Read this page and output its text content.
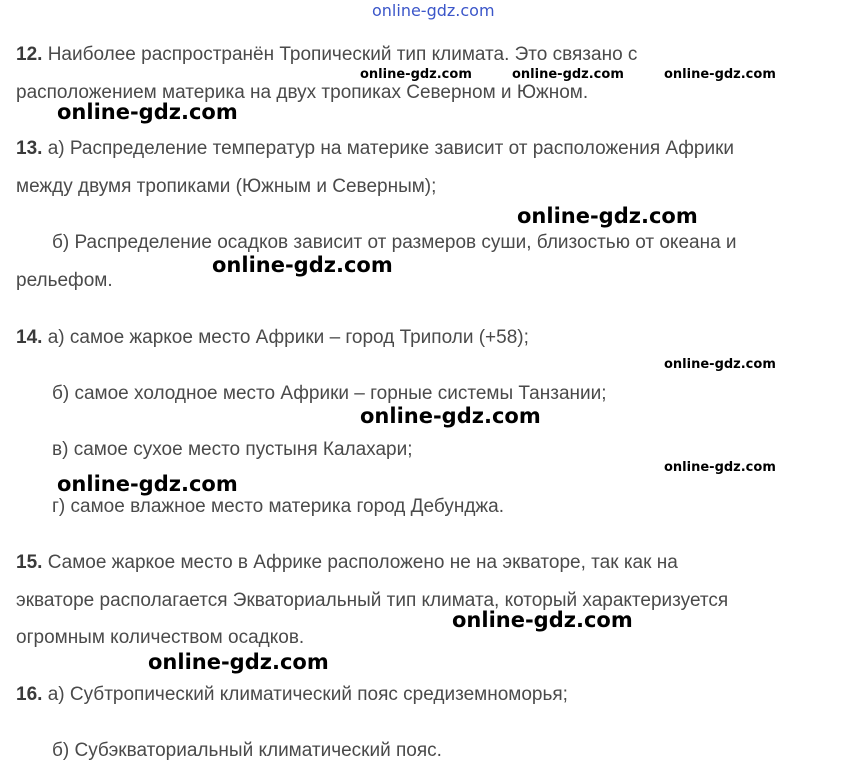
online-gdz.com
12. Наиболее распространён Тропический тип климата. Это связано с
расположением материка на двух тропиках Северном и Южном.
13. а) Распределение температур на материке зависит от расположения Африки
между двумя тропиками (Южным и Северным);
б) Распределение осадков зависит от размеров суши, близостью от океана и
рельефом.
14. а) самое жаркое место Африки – город Триполи (+58);
б) самое холодное место Африки – горные системы Танзании;
в) самое сухое место пустыня Калахари;
г) самое влажное место материка город Дебунджа.
15. Самое жаркое место в Африке расположено не на экваторе, так как на
экваторе располагается Экваториальный тип климата, который характеризуется
огромным количеством осадков.
16. а) Субтропический климатический пояс средиземноморья;
б) Субэкваториальный климатический пояс.
online-gdz.com	online-gdz.com	online-gdz.com
online-gdz.com
online-gdz.com
online-gdz.com
online-gdz.com
online-gdz.com
online-gdz.com
online-gdz.com
online-gdz.com
online-gdz.com
